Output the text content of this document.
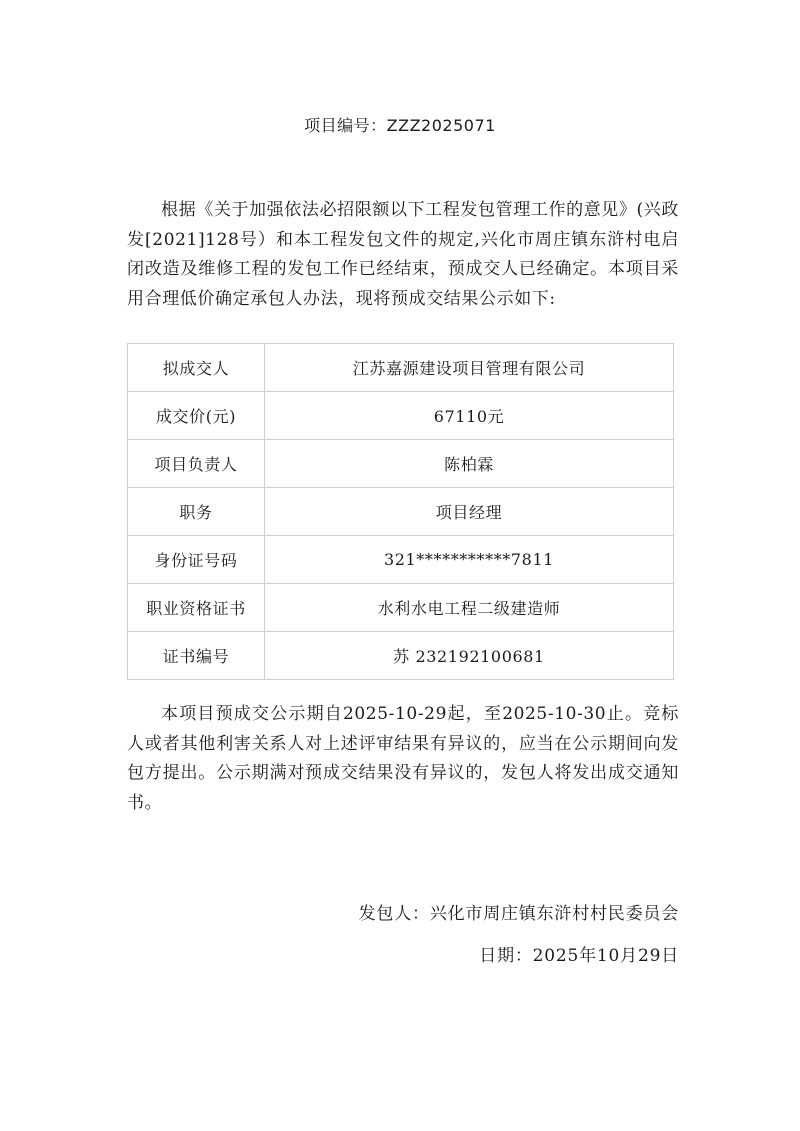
项目编号：ZZZ2025071

根据《关于加强依法必招限额以下工程发包管理工作的意见》(兴政发[2021]128号）和本工程发包文件的规定,兴化市周庄镇东浒村电启闭改造及维修工程的发包工作已经结束，预成交人已经确定。本项目采用合理低价确定承包人办法，现将预成交结果公示如下:

拟成交人	江苏嘉源建设项目管理有限公司
成交价(元)	67110元
项目负责人	陈柏霖
职务	项目经理
身份证号码	321***********7811
职业资格证书	水利水电工程二级建造师
证书编号	苏 232192100681

本项目预成交公示期自2025-10-29起，至2025-10-30止。竞标人或者其他利害关系人对上述评审结果有异议的，应当在公示期间向发包方提出。公示期满对预成交结果没有异议的，发包人将发出成交通知书。

发包人：兴化市周庄镇东浒村村民委员会
日期：2025年10月29日
